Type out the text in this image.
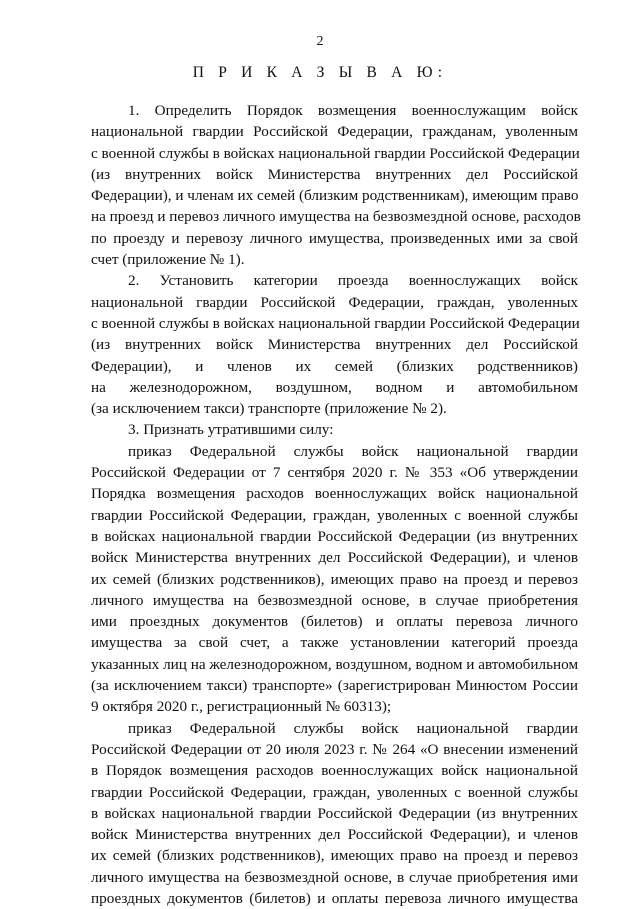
2
П Р И К А З Ы В А Ю:
1. Определить Порядок возмещения военнослужащим войск
национальной гвардии Российской Федерации, гражданам, уволенным
с военной службы в войсках национальной гвардии Российской Федерации
(из внутренних войск Министерства внутренних дел Российской
Федерации), и членам их семей (близким родственникам), имеющим право
на проезд и перевоз личного имущества на безвозмездной основе, расходов
по проезду и перевозу личного имущества, произведенных ими за свой
счет (приложение № 1).
2. Установить категории проезда военнослужащих войск
национальной гвардии Российской Федерации, граждан, уволенных
с военной службы в войсках национальной гвардии Российской Федерации
(из внутренних войск Министерства внутренних дел Российской
Федерации), и членов их семей (близких родственников)
на железнодорожном, воздушном, водном и автомобильном
(за исключением такси) транспорте (приложение № 2).
3. Признать утратившими силу:
приказ Федеральной службы войск национальной гвардии
Российской Федерации от 7 сентября 2020 г. № 353 «Об утверждении
Порядка возмещения расходов военнослужащих войск национальной
гвардии Российской Федерации, граждан, уволенных с военной службы
в войсках национальной гвардии Российской Федерации (из внутренних
войск Министерства внутренних дел Российской Федерации), и членов
их семей (близких родственников), имеющих право на проезд и перевоз
личного имущества на безвозмездной основе, в случае приобретения
ими проездных документов (билетов) и оплаты перевоза личного
имущества за свой счет, а также установлении категорий проезда
указанных лиц на железнодорожном, воздушном, водном и автомобильном
(за исключением такси) транспорте» (зарегистрирован Минюстом России
9 октября 2020 г., регистрационный № 60313);
приказ Федеральной службы войск национальной гвардии
Российской Федерации от 20 июля 2023 г. № 264 «О внесении изменений
в Порядок возмещения расходов военнослужащих войск национальной
гвардии Российской Федерации, граждан, уволенных с военной службы
в войсках национальной гвардии Российской Федерации (из внутренних
войск Министерства внутренних дел Российской Федерации), и членов
их семей (близких родственников), имеющих право на проезд и перевоз
личного имущества на безвозмездной основе, в случае приобретения ими
проездных документов (билетов) и оплаты перевоза личного имущества
